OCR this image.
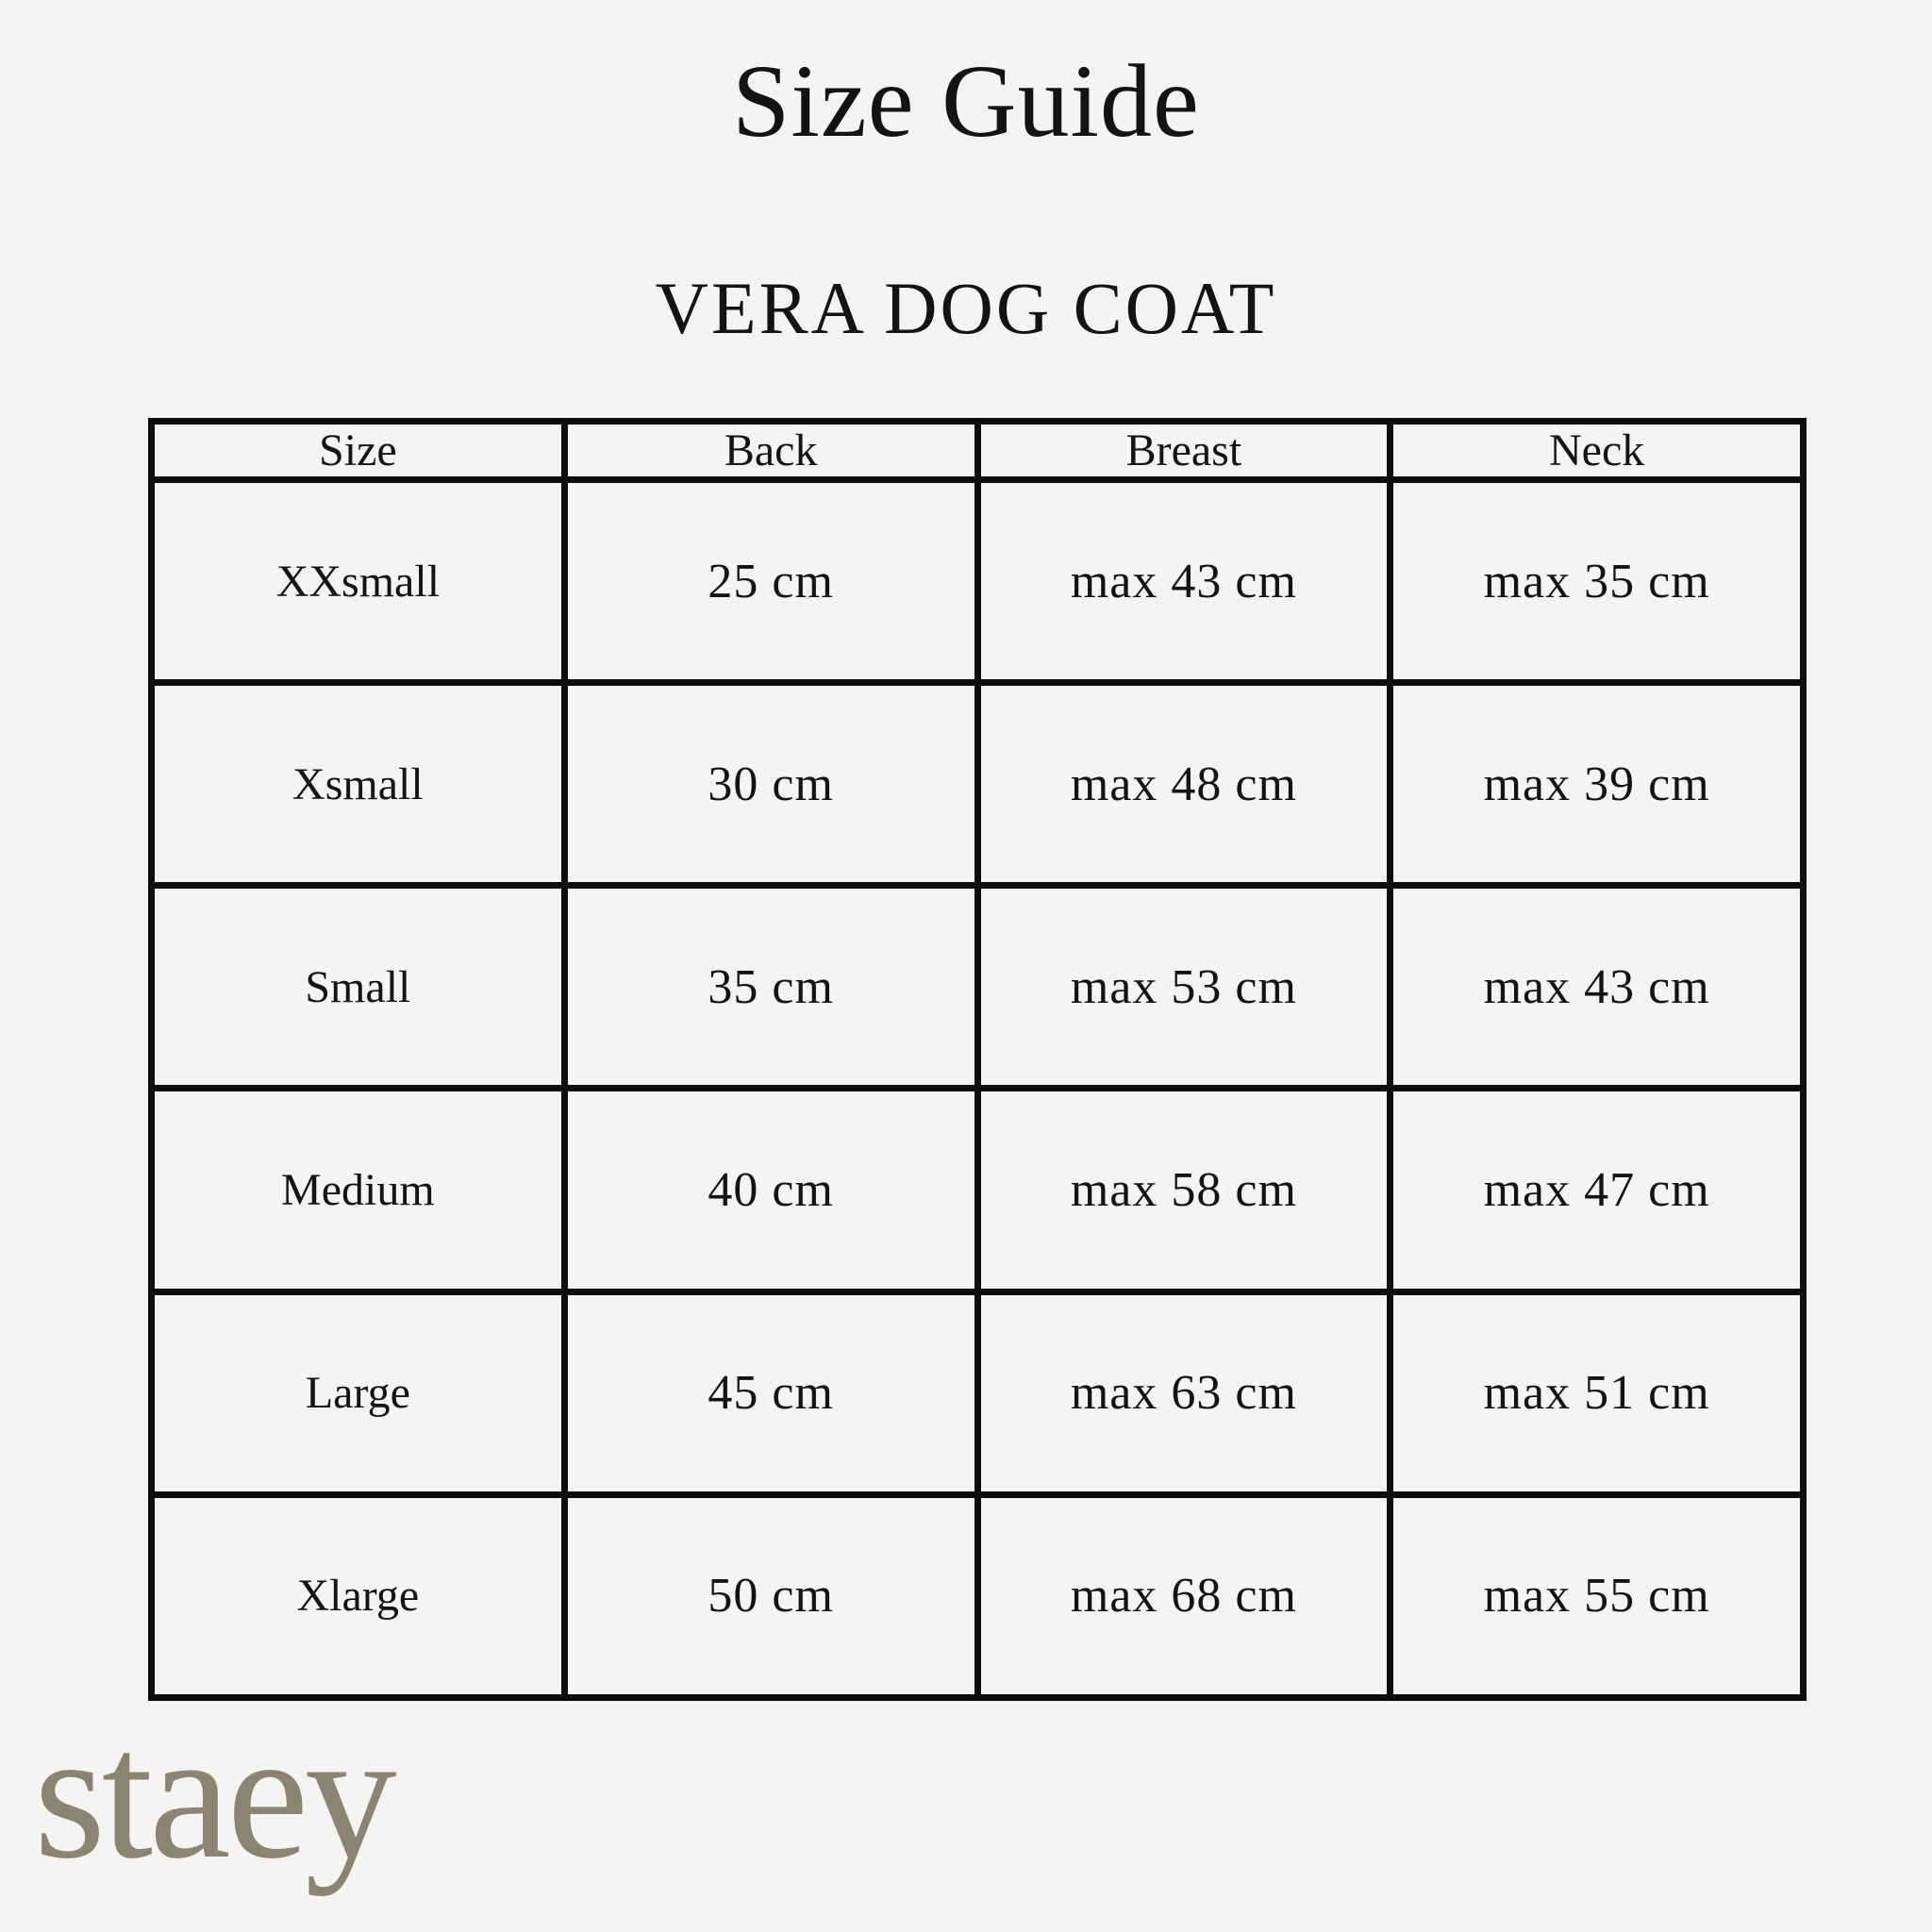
Size Guide
VERA DOG COAT
Size	Back	Breast	Neck
XXsmall	25 cm	max 43 cm	max 35 cm
Xsmall	30 cm	max 48 cm	max 39 cm
Small	35 cm	max 53 cm	max 43 cm
Medium	40 cm	max 58 cm	max 47 cm
Large	45 cm	max 63 cm	max 51 cm
Xlarge	50 cm	max 68 cm	max 55 cm
staey
